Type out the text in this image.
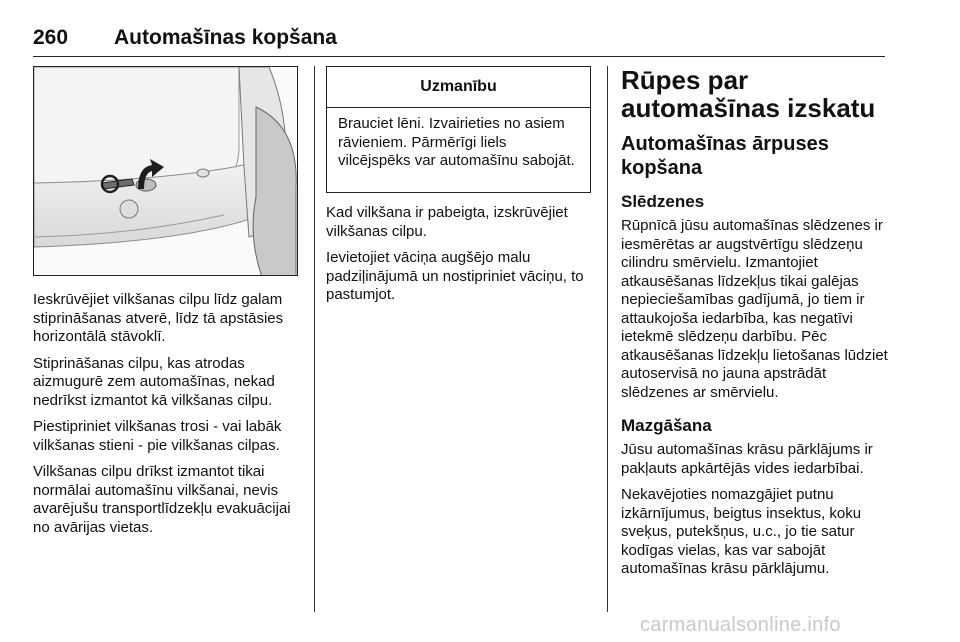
260 Automašīnas kopšana

Ieskrūvējiet vilkšanas cilpu līdz galam stiprināšanas atverē, līdz tā apstāsies horizontālā stāvoklī.

Stiprināšanas cilpu, kas atrodas aizmugurē zem automašīnas, nekad nedrīkst izmantot kā vilkšanas cilpu.

Piestipriniet vilkšanas trosi - vai labāk vilkšanas stieni - pie vilkšanas cilpas.

Vilkšanas cilpu drīkst izmantot tikai normālai automašīnu vilkšanai, nevis avarējušu transportlīdzekļu evakuācijai no avārijas vietas.

Uzmanību
Brauciet lēni. Izvairieties no asiem rāvieniem. Pārmērīgi liels vilcējspēks var automašīnu sabojāt.

Kad vilkšana ir pabeigta, izskrūvējiet vilkšanas cilpu.

Ievietojiet vāciņa augšējo malu padziļinājumā un nostipriniet vāciņu, to pastumjot.

Rūpes par automašīnas izskatu
Automašīnas ārpuses kopšana
Slēdzenes

Rūpnīcā jūsu automašīnas slēdzenes ir iesmērētas ar augstvērtīgu slēdzeņu cilindru smērvielu. Izmantojiet atkausēšanas līdzekļus tikai galējas nepieciešamības gadījumā, jo tiem ir attaukojoša iedarbība, kas negatīvi ietekmē slēdzeņu darbību. Pēc atkausēšanas līdzekļu lietošanas lūdziet autoservisā no jauna apstrādāt slēdzenes ar smērvielu.

Mazgāšana

Jūsu automašīnas krāsu pārklājums ir pakļauts apkārtējās vides iedarbībai.

Nekavējoties nomazgājiet putnu izkārnījumus, beigtus insektus, koku sveķus, putekšņus, u.c., jo tie satur kodīgas vielas, kas var sabojāt automašīnas krāsu pārklājumu.

carmanualsonline.info
